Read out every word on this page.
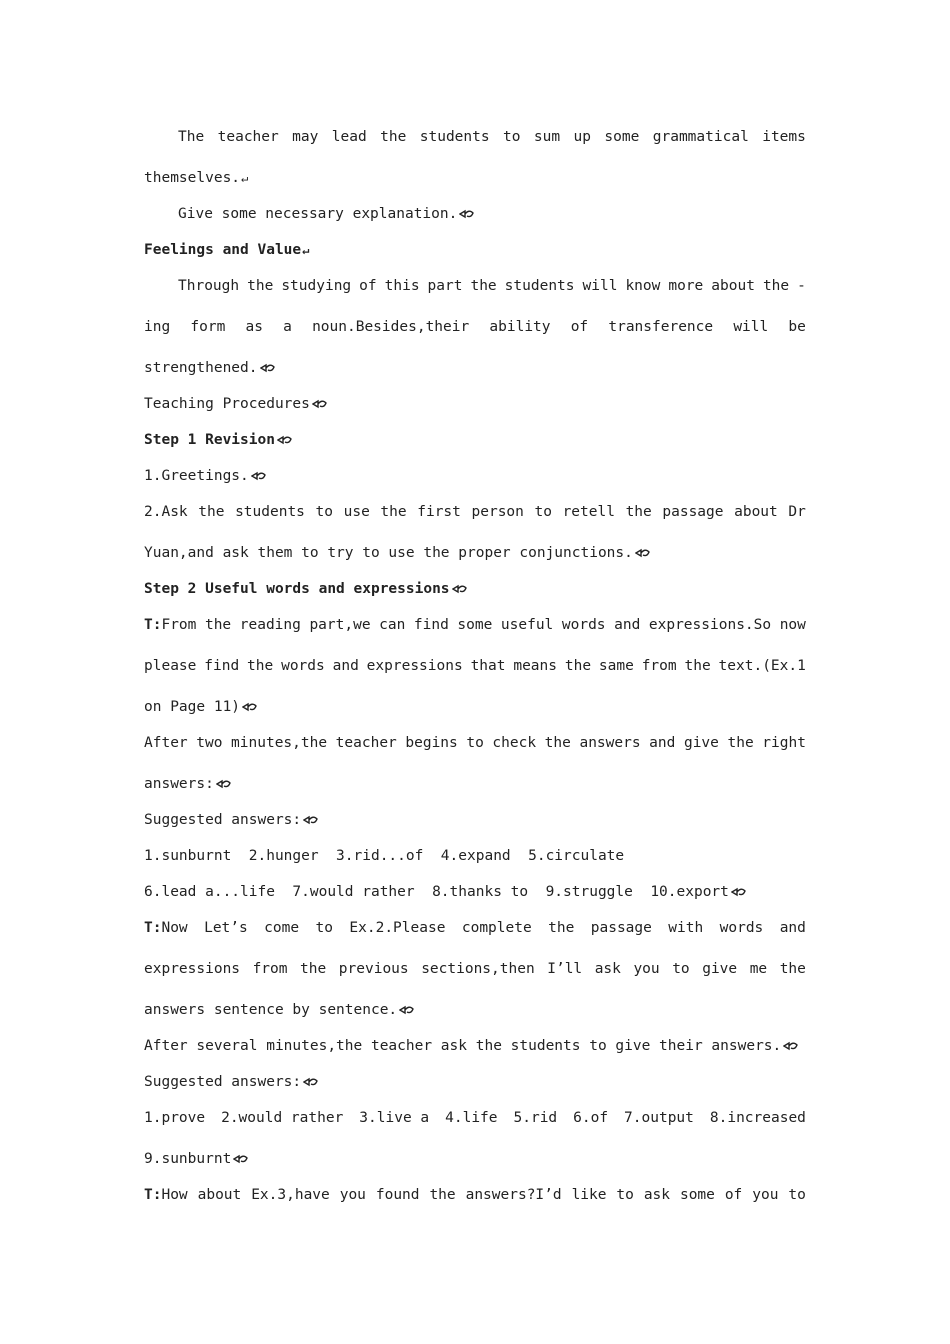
The teacher may lead the students to sum up some grammatical items
themselves.↵
Give some necessary explanation.
Feelings and Value↵
Through the studying of this part the students will know more about the -
ing form as a noun.Besides,their ability of transference will be
strengthened.
Teaching Procedures
Step 1 Revision
1.Greetings.
2.Ask the students to use the first person to retell the passage about Dr
Yuan,and ask them to try to use the proper conjunctions.
Step 2 Useful words and expressions
T:From the reading part,we can find some useful words and expressions.So now
please find the words and expressions that means the same from the text.(Ex.1
on Page 11)
After two minutes,the teacher begins to check the answers and give the right
answers:
Suggested answers:
1.sunburnt  2.hunger  3.rid...of  4.expand  5.circulate
6.lead a...life  7.would rather  8.thanks to  9.struggle  10.export
T:Now Let’s come to Ex.2.Please complete the passage with words and
expressions from the previous sections,then I’ll ask you to give me the
answers sentence by sentence.
After several minutes,the teacher ask the students to give their answers.
Suggested answers:
1.prove 2.would rather 3.live a 4.life 5.rid 6.of 7.output 8.increased
9.sunburnt
T:How about Ex.3,have you found the answers?I’d like to ask some of you to
